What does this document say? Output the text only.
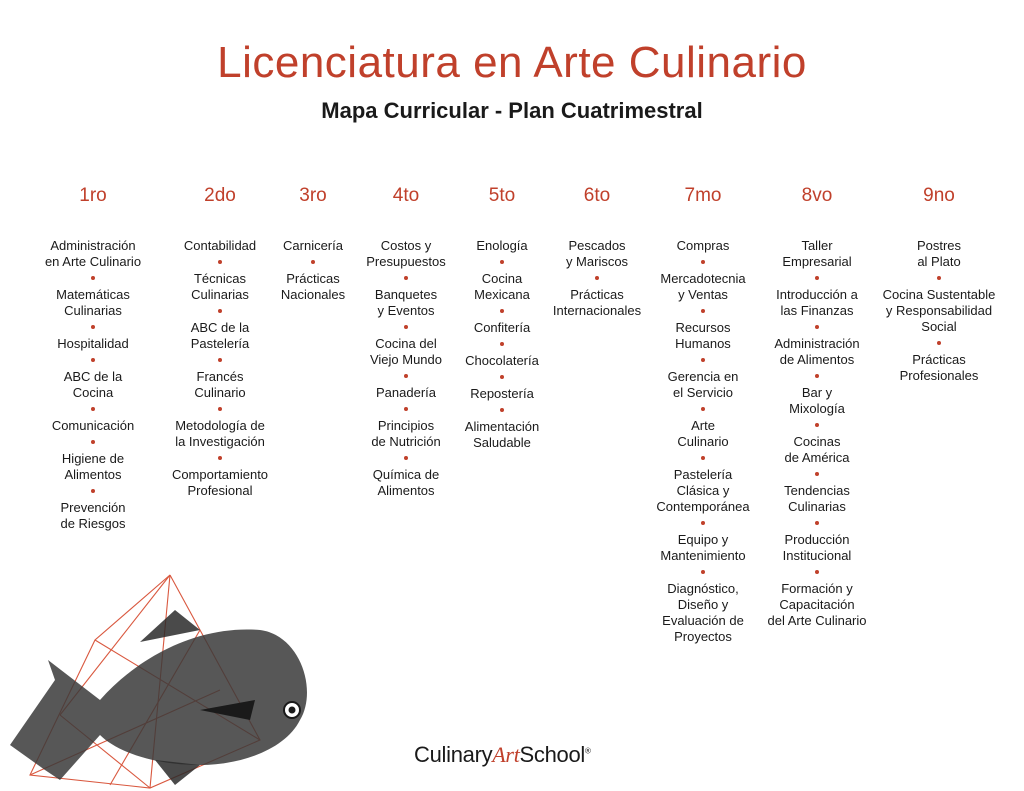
Licenciatura en Arte Culinario
Mapa Curricular - Plan Cuatrimestral
1ro
Administración
en Arte Culinario
Matemáticas
Culinarias
Hospitalidad
ABC de la
Cocina
Comunicación
Higiene de
Alimentos
Prevención
de Riesgos
2do
Contabilidad
Técnicas
Culinarias
ABC de la
Pastelería
Francés
Culinario
Metodología de
la Investigación
Comportamiento
Profesional
3ro
Carnicería
Prácticas
Nacionales
4to
Costos y
Presupuestos
Banquetes
y Eventos
Cocina del
Viejo Mundo
Panadería
Principios
de Nutrición
Química de
Alimentos
5to
Enología
Cocina
Mexicana
Confitería
Chocolatería
Repostería
Alimentación
Saludable
6to
Pescados
y Mariscos
Prácticas
Internacionales
7mo
Compras
Mercadotecnia
y Ventas
Recursos
Humanos
Gerencia en
el Servicio
Arte
Culinario
Pastelería
Clásica y
Contemporánea
Equipo y
Mantenimiento
Diagnóstico,
Diseño y
Evaluación de
Proyectos
8vo
Taller
Empresarial
Introducción a
las Finanzas
Administración
de Alimentos
Bar y
Mixología
Cocinas
de América
Tendencias
Culinarias
Producción
Institucional
Formación y
Capacitación
del Arte Culinario
9no
Postres
al Plato
Cocina Sustentable
y Responsabilidad
Social
Prácticas
Profesionales
CulinaryArtSchool®
